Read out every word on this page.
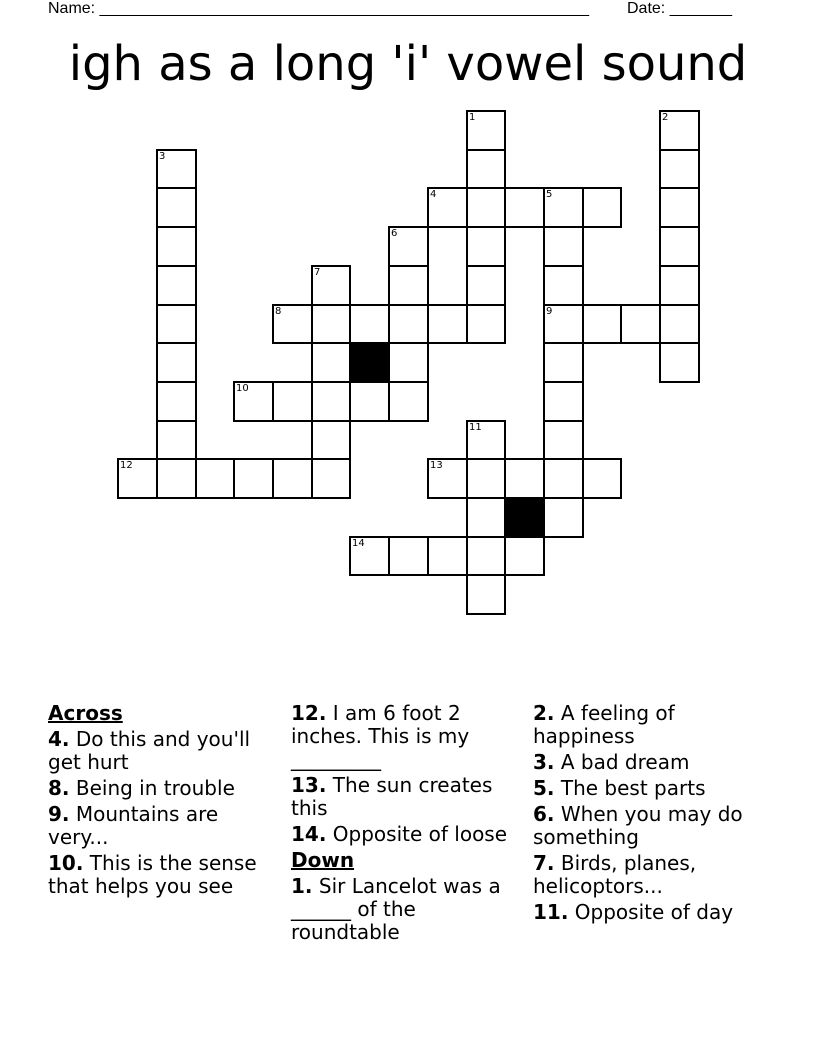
Name: _______________________________________________________ Date: _______
igh as a long 'i' vowel sound
1	2
3
4	5
6
7
8	9
10
11
12	13
14
Across

4. Do this and you'll get hurt

8. Being in trouble

9. Mountains are very...

10. This is the sense that helps you see

12. I am 6 foot 2 inches. This is my _________

13. The sun creates this

14. Opposite of loose

Down

1. Sir Lancelot was a ______ of the roundtable

2. A feeling of happiness

3. A bad dream

5. The best parts

6. When you may do something

7. Birds, planes, helicoptors...

11. Opposite of day
